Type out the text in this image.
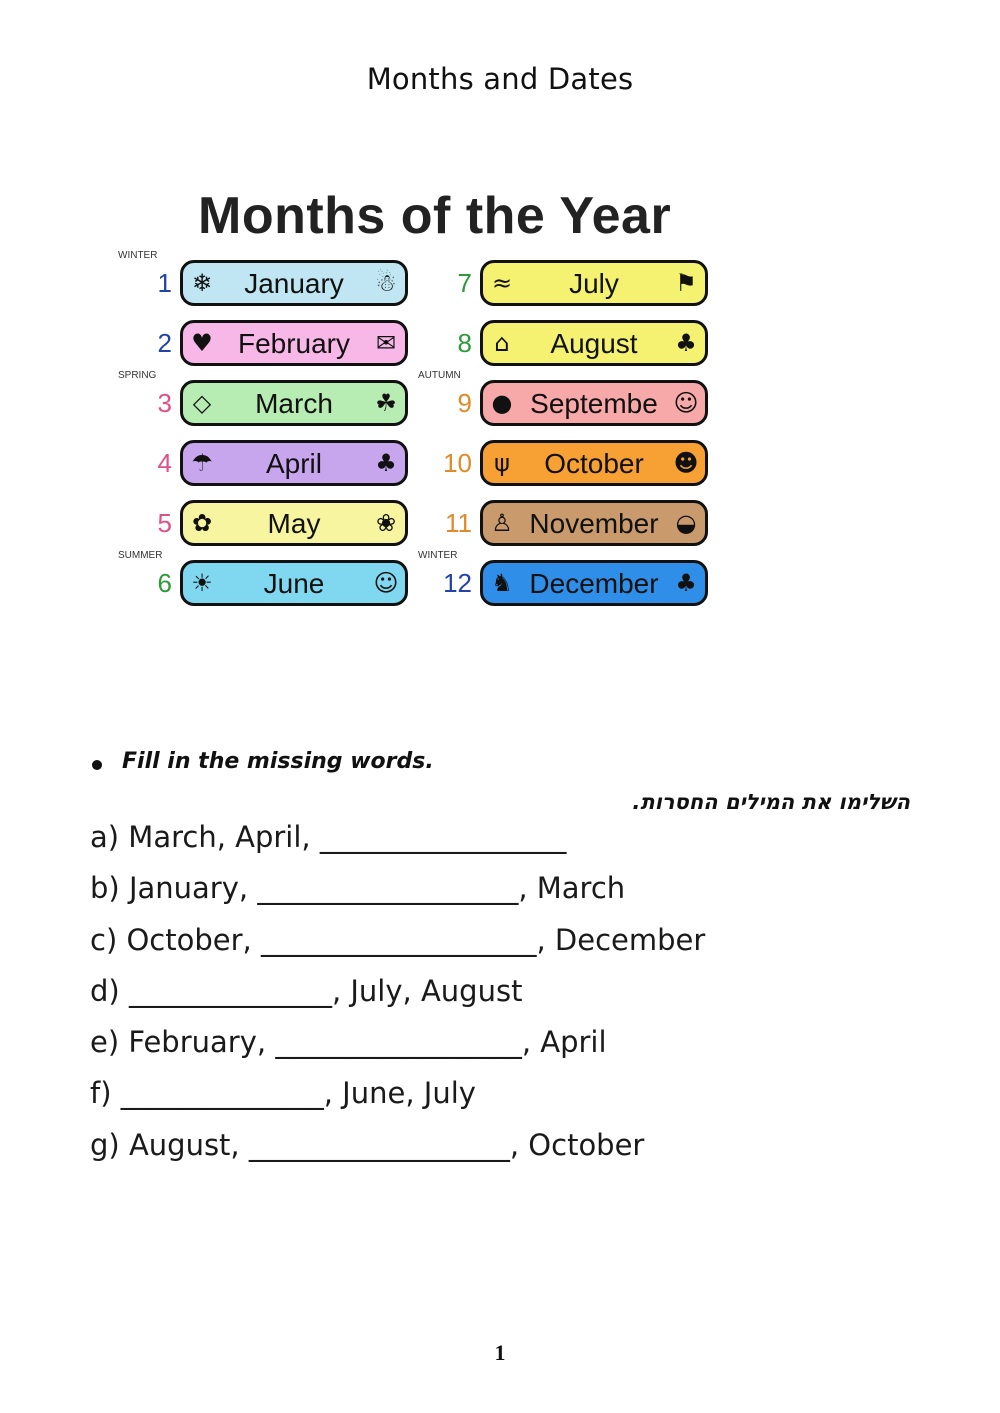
Months and Dates
Months of the Year
WINTER
1 ❄	January	☃
2 ♥ February	✉
SPRING
3 ◇	March	☘
4 ☂	April	♣
5 ✿	May	❀
SUMMER
6 ☀	June	☺
7 ≈	July	⚑
8 ⌂	August	♣
AUTUMN
9 ● Septembe ☺
10 ψ	October	☻
11 ♙ November ◒
WINTER
12 ♞ December ♣
Fill in the missing words.
השלימו את המילים החסרות.
a) March, April, _________________
b) January, __________________, March
c) October, ___________________, December
d) ______________, July, August
e) February, _________________, April
f) ______________, June, July
g) August, __________________, October
1
